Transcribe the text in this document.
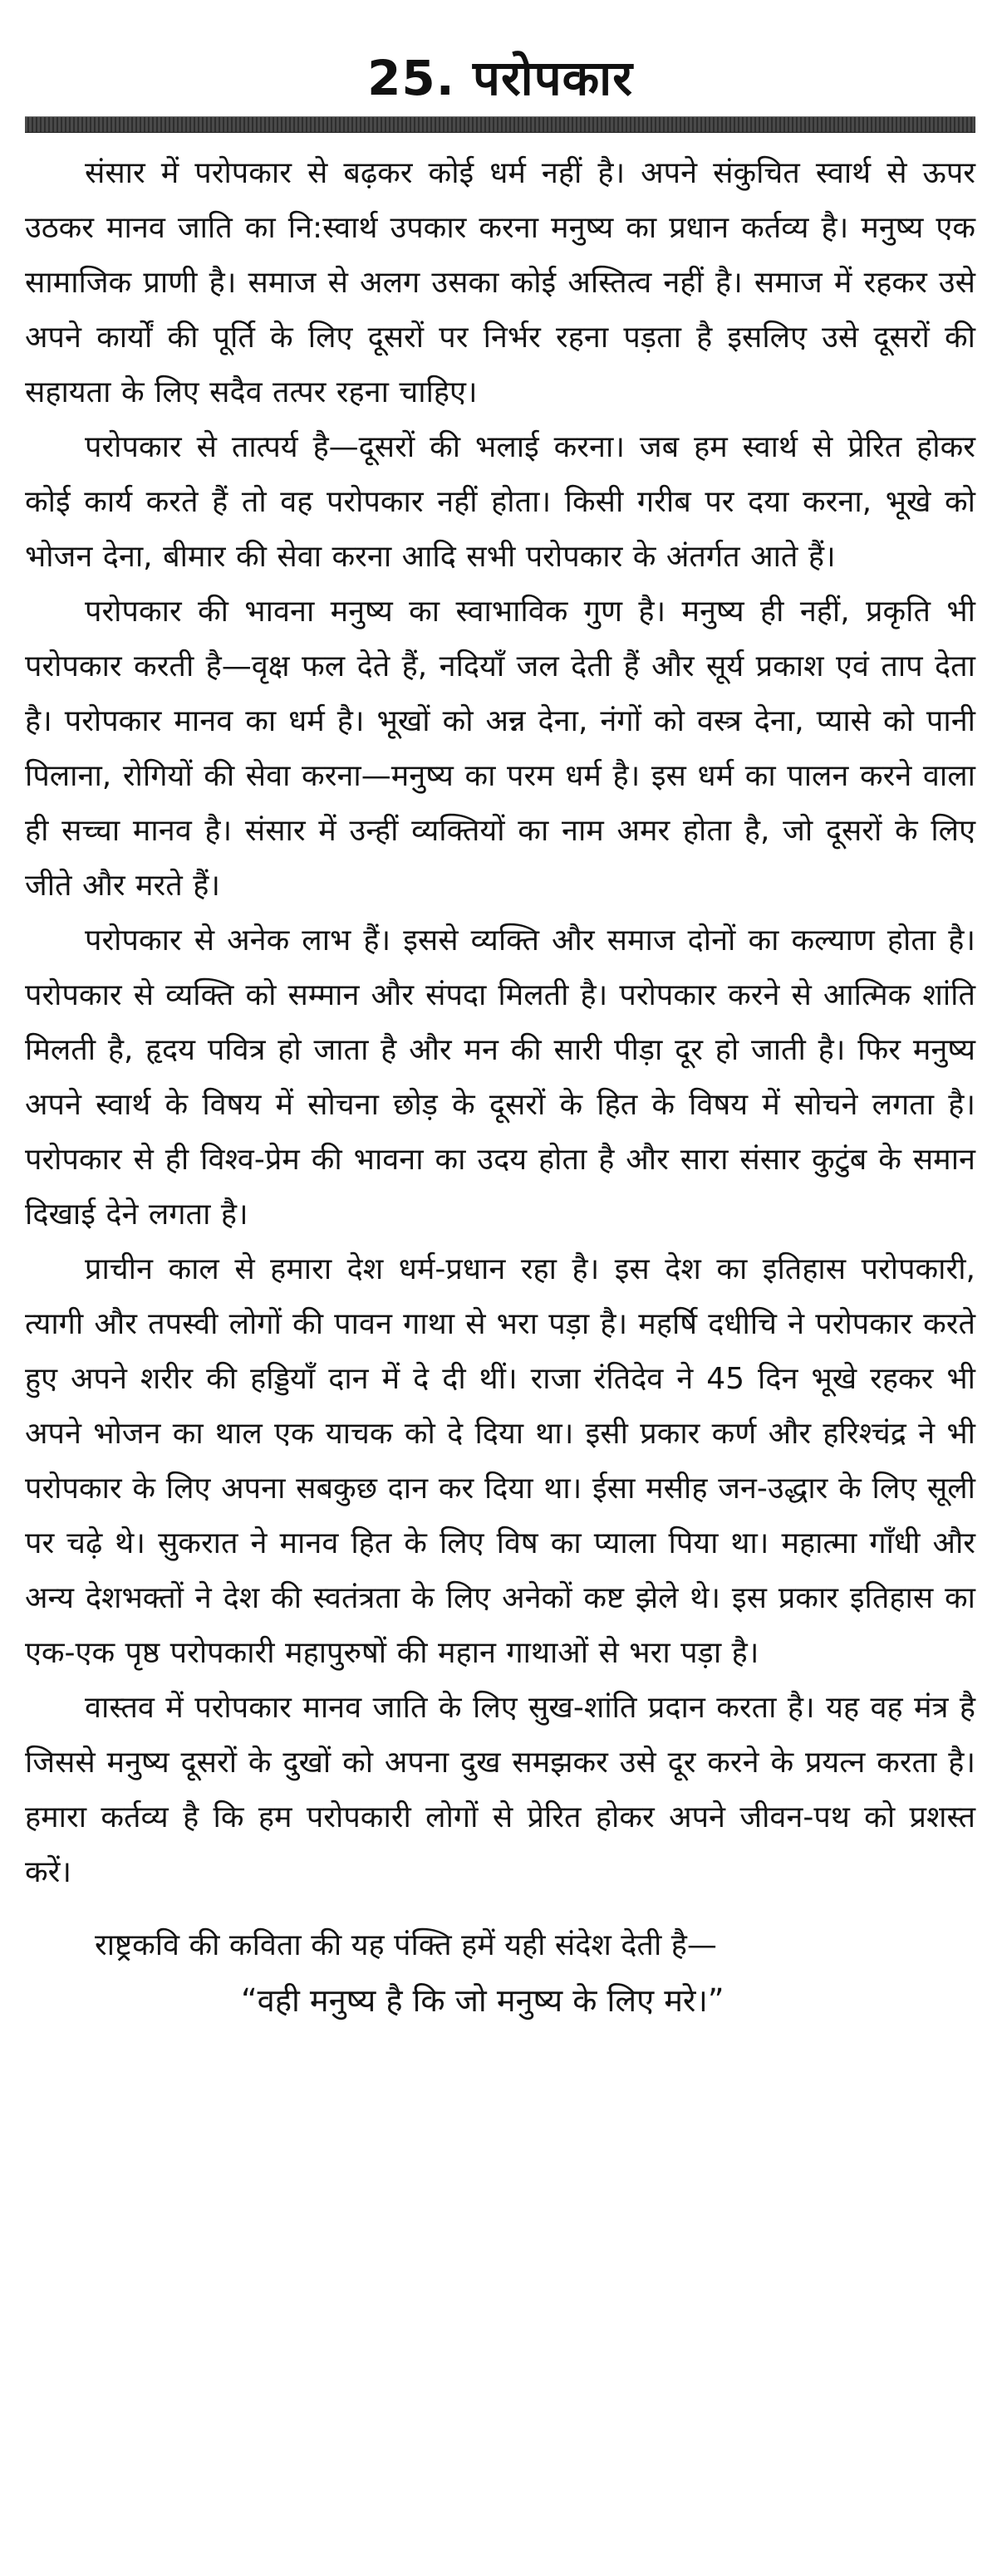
25. परोपकार

संसार में परोपकार से बढ़कर कोई धर्म नहीं है। अपने संकुचित स्वार्थ से ऊपर उठकर मानव जाति का नि:स्वार्थ उपकार करना मनुष्य का प्रधान कर्तव्य है। मनुष्य एक सामाजिक प्राणी है। समाज से अलग उसका कोई अस्तित्व नहीं है। समाज में रहकर उसे अपने कार्यों की पूर्ति के लिए दूसरों पर निर्भर रहना पड़ता है इसलिए उसे दूसरों की सहायता के लिए सदैव तत्पर रहना चाहिए।

परोपकार से तात्पर्य है—दूसरों की भलाई करना। जब हम स्वार्थ से प्रेरित होकर कोई कार्य करते हैं तो वह परोपकार नहीं होता। किसी गरीब पर दया करना, भूखे को भोजन देना, बीमार की सेवा करना आदि सभी परोपकार के अंतर्गत आते हैं।

परोपकार की भावना मनुष्य का स्वाभाविक गुण है। मनुष्य ही नहीं, प्रकृति भी परोपकार करती है—वृक्ष फल देते हैं, नदियाँ जल देती हैं और सूर्य प्रकाश एवं ताप देता है। परोपकार मानव का धर्म है। भूखों को अन्न देना, नंगों को वस्त्र देना, प्यासे को पानी पिलाना, रोगियों की सेवा करना—मनुष्य का परम धर्म है। इस धर्म का पालन करने वाला ही सच्चा मानव है। संसार में उन्हीं व्यक्तियों का नाम अमर होता है, जो दूसरों के लिए जीते और मरते हैं।

परोपकार से अनेक लाभ हैं। इससे व्यक्ति और समाज दोनों का कल्याण होता है। परोपकार से व्यक्ति को सम्मान और संपदा मिलती है। परोपकार करने से आत्मिक शांति मिलती है, हृदय पवित्र हो जाता है और मन की सारी पीड़ा दूर हो जाती है। फिर मनुष्य अपने स्वार्थ के विषय में सोचना छोड़ के दूसरों के हित के विषय में सोचने लगता है। परोपकार से ही विश्व-प्रेम की भावना का उदय होता है और सारा संसार कुटुंब के समान दिखाई देने लगता है।

प्राचीन काल से हमारा देश धर्म-प्रधान रहा है। इस देश का इतिहास परोपकारी, त्यागी और तपस्वी लोगों की पावन गाथा से भरा पड़ा है। महर्षि दधीचि ने परोपकार करते हुए अपने शरीर की हड्डियाँ दान में दे दी थीं। राजा रंतिदेव ने 45 दिन भूखे रहकर भी अपने भोजन का थाल एक याचक को दे दिया था। इसी प्रकार कर्ण और हरिश्चंद्र ने भी परोपकार के लिए अपना सबकुछ दान कर दिया था। ईसा मसीह जन-उद्धार के लिए सूली पर चढ़े थे। सुकरात ने मानव हित के लिए विष का प्याला पिया था। महात्मा गाँधी और अन्य देशभक्तों ने देश की स्वतंत्रता के लिए अनेकों कष्ट झेले थे। इस प्रकार इतिहास का एक-एक पृष्ठ परोपकारी महापुरुषों की महान गाथाओं से भरा पड़ा है।

वास्तव में परोपकार मानव जाति के लिए सुख-शांति प्रदान करता है। यह वह मंत्र है जिससे मनुष्य दूसरों के दुखों को अपना दुख समझकर उसे दूर करने के प्रयत्न करता है। हमारा कर्तव्य है कि हम परोपकारी लोगों से प्रेरित होकर अपने जीवन-पथ को प्रशस्त करें।

राष्ट्रकवि की कविता की यह पंक्ति हमें यही संदेश देती है—

“वही मनुष्य है कि जो मनुष्य के लिए मरे।”
